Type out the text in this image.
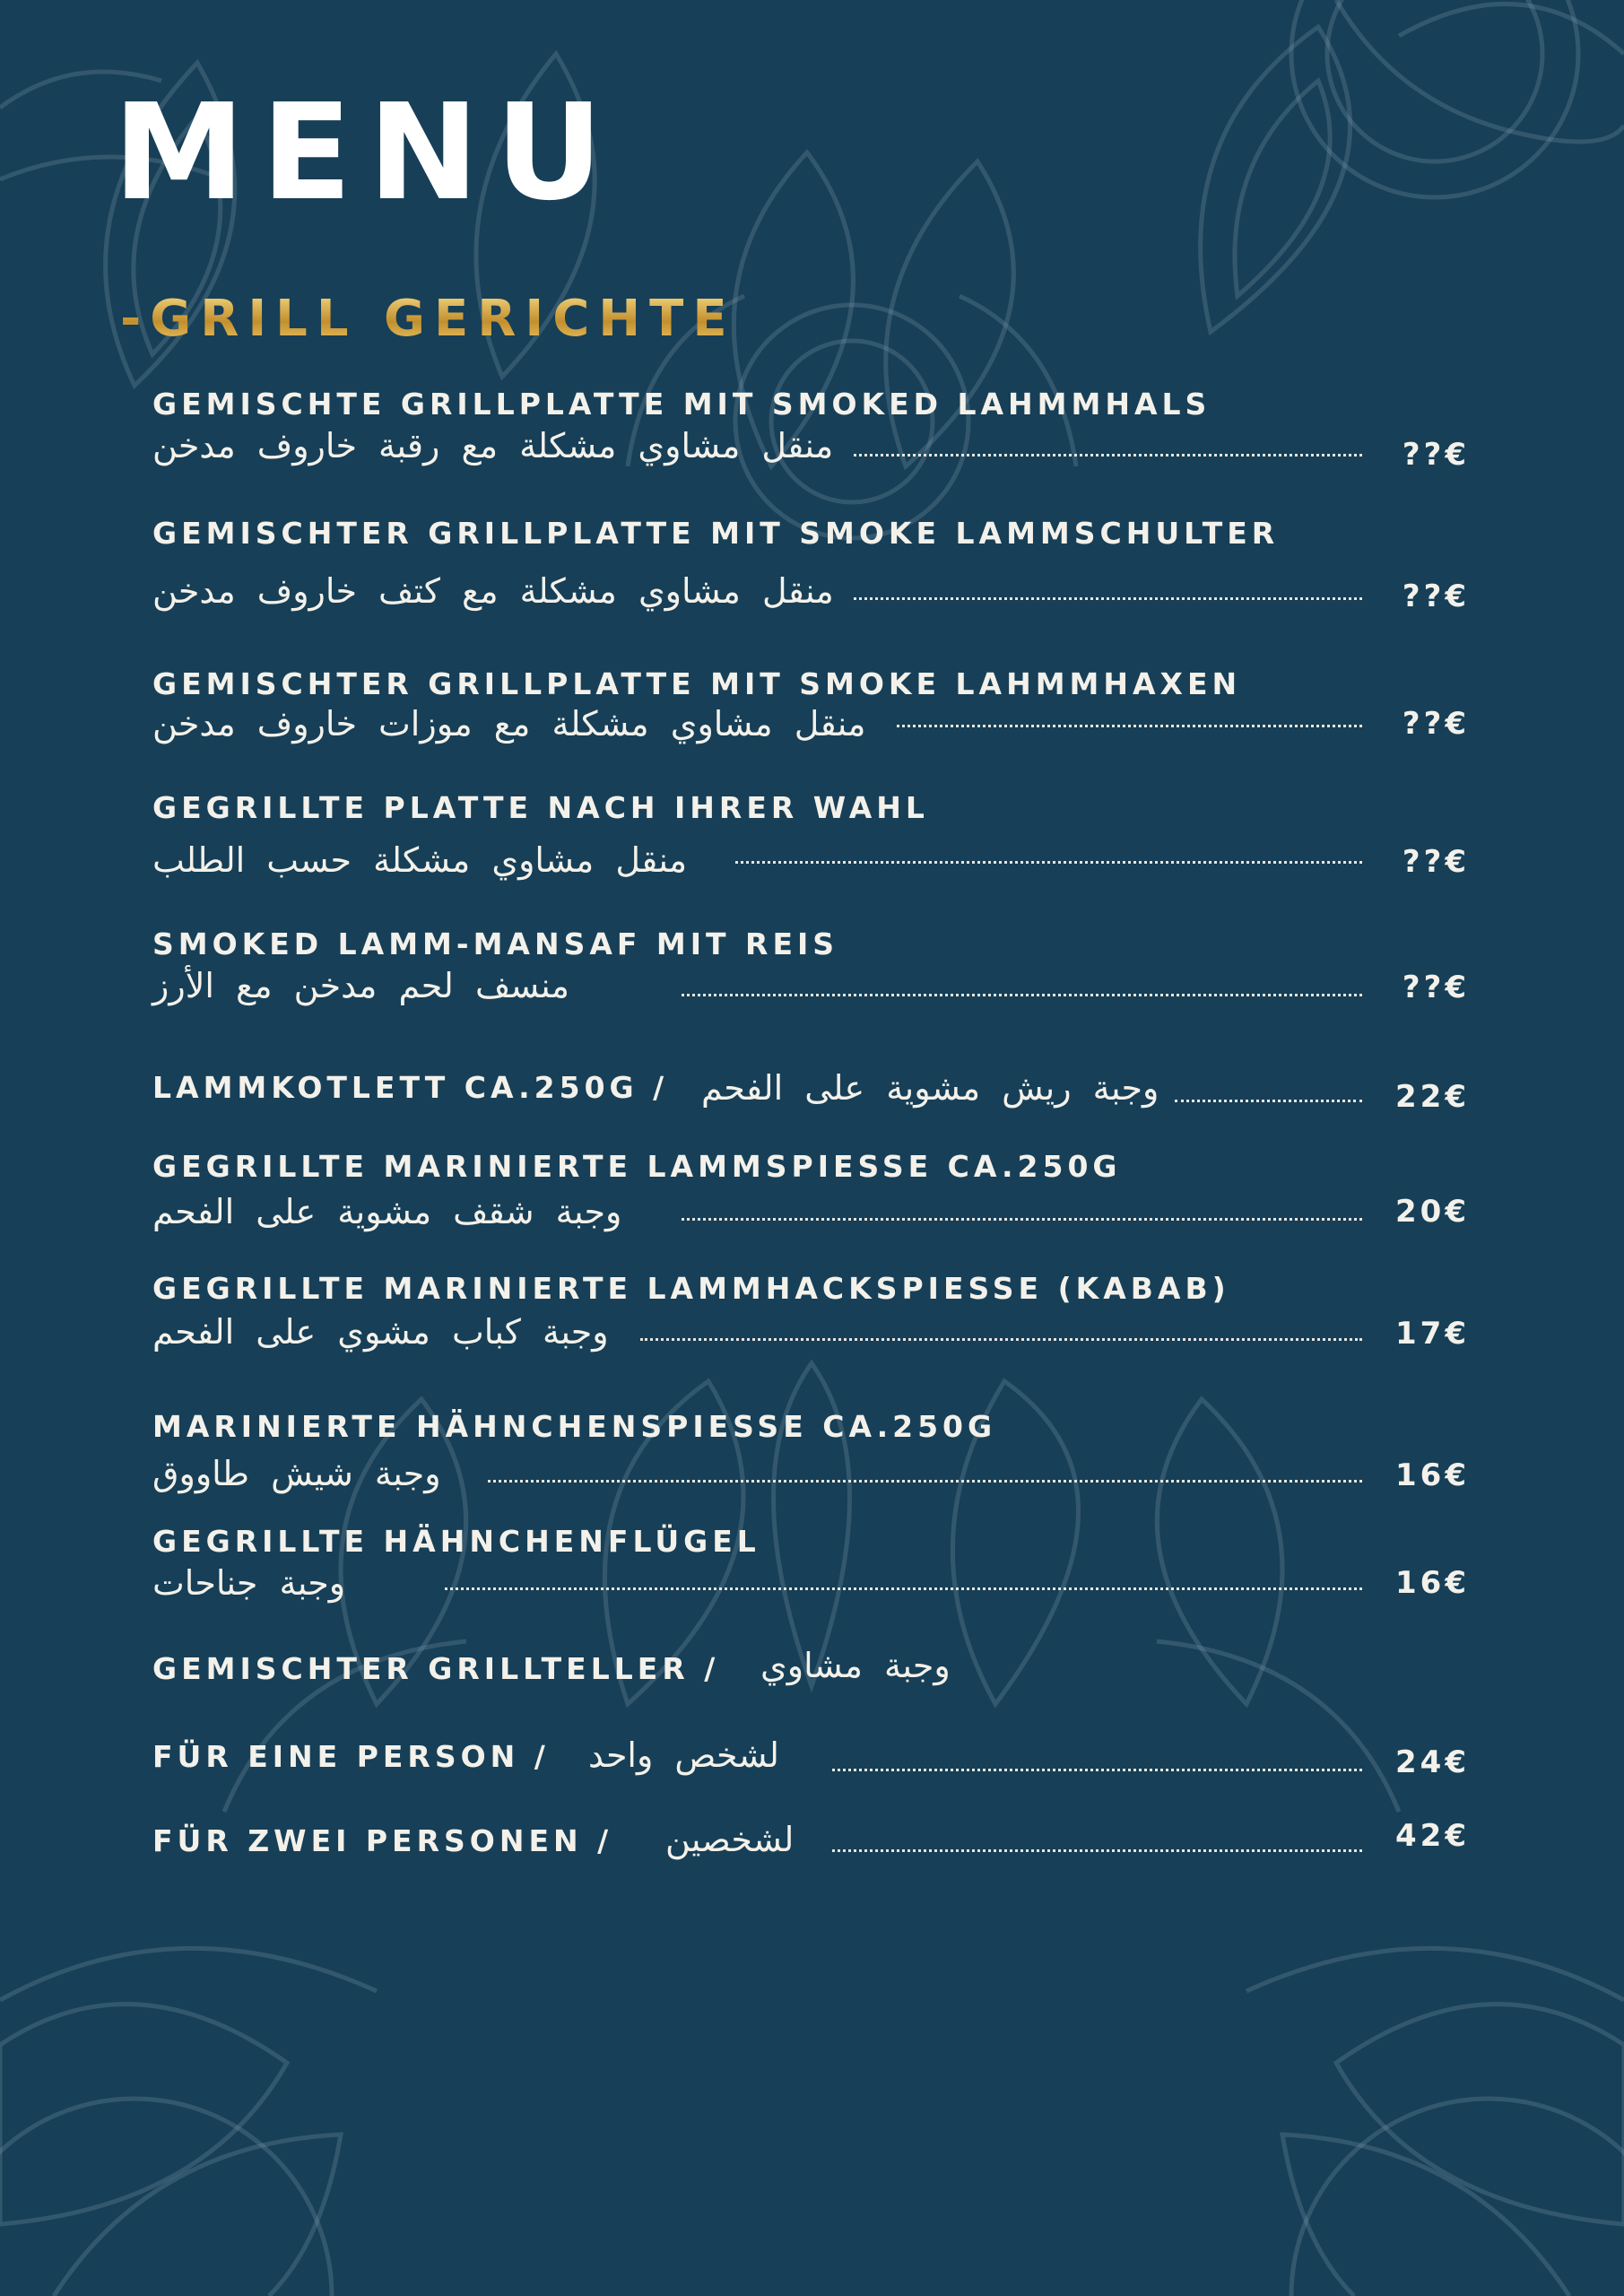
MENU
-GRILL GERICHTE
GEMISCHTE GRILLPLATTE MIT SMOKED LAHMMHALS
منقل مشاوي مشكلة مع رقبة خاروف مدخن	??€
GEMISCHTER GRILLPLATTE MIT SMOKE LAMMSCHULTER
منقل مشاوي مشكلة مع كتف خاروف مدخن	??€
GEMISCHTER GRILLPLATTE MIT SMOKE LAHMMHAXEN
منقل مشاوي مشكلة مع موزات خاروف مدخن	??€
GEGRILLTE PLATTE NACH IHRER WAHL
منقل مشاوي مشكلة حسب الطلب	??€
SMOKED LAMM-MANSAF MIT REIS
منسف لحم مدخن مع الأرز	??€
LAMMKOTLETT CA.250G / وجبة ريش مشوية على الفحم	22€
GEGRILLTE MARINIERTE LAMMSPIESSE CA.250G
وجبة شقف مشوية على الفحم	20€
GEGRILLTE MARINIERTE LAMMHACKSPIESSE (KABAB)
وجبة كباب مشوي على الفحم	17€
MARINIERTE HÄHNCHENSPIESSE CA.250G
وجبة شيش طاووق	16€
GEGRILLTE HÄHNCHENFLÜGEL
وجبة جناحات	16€
GEMISCHTER GRILLTELLER / وجبة مشاوي
FÜR EINE PERSON / لشخص واحد	24€
FÜR ZWEI PERSONEN / لشخصين	42€
